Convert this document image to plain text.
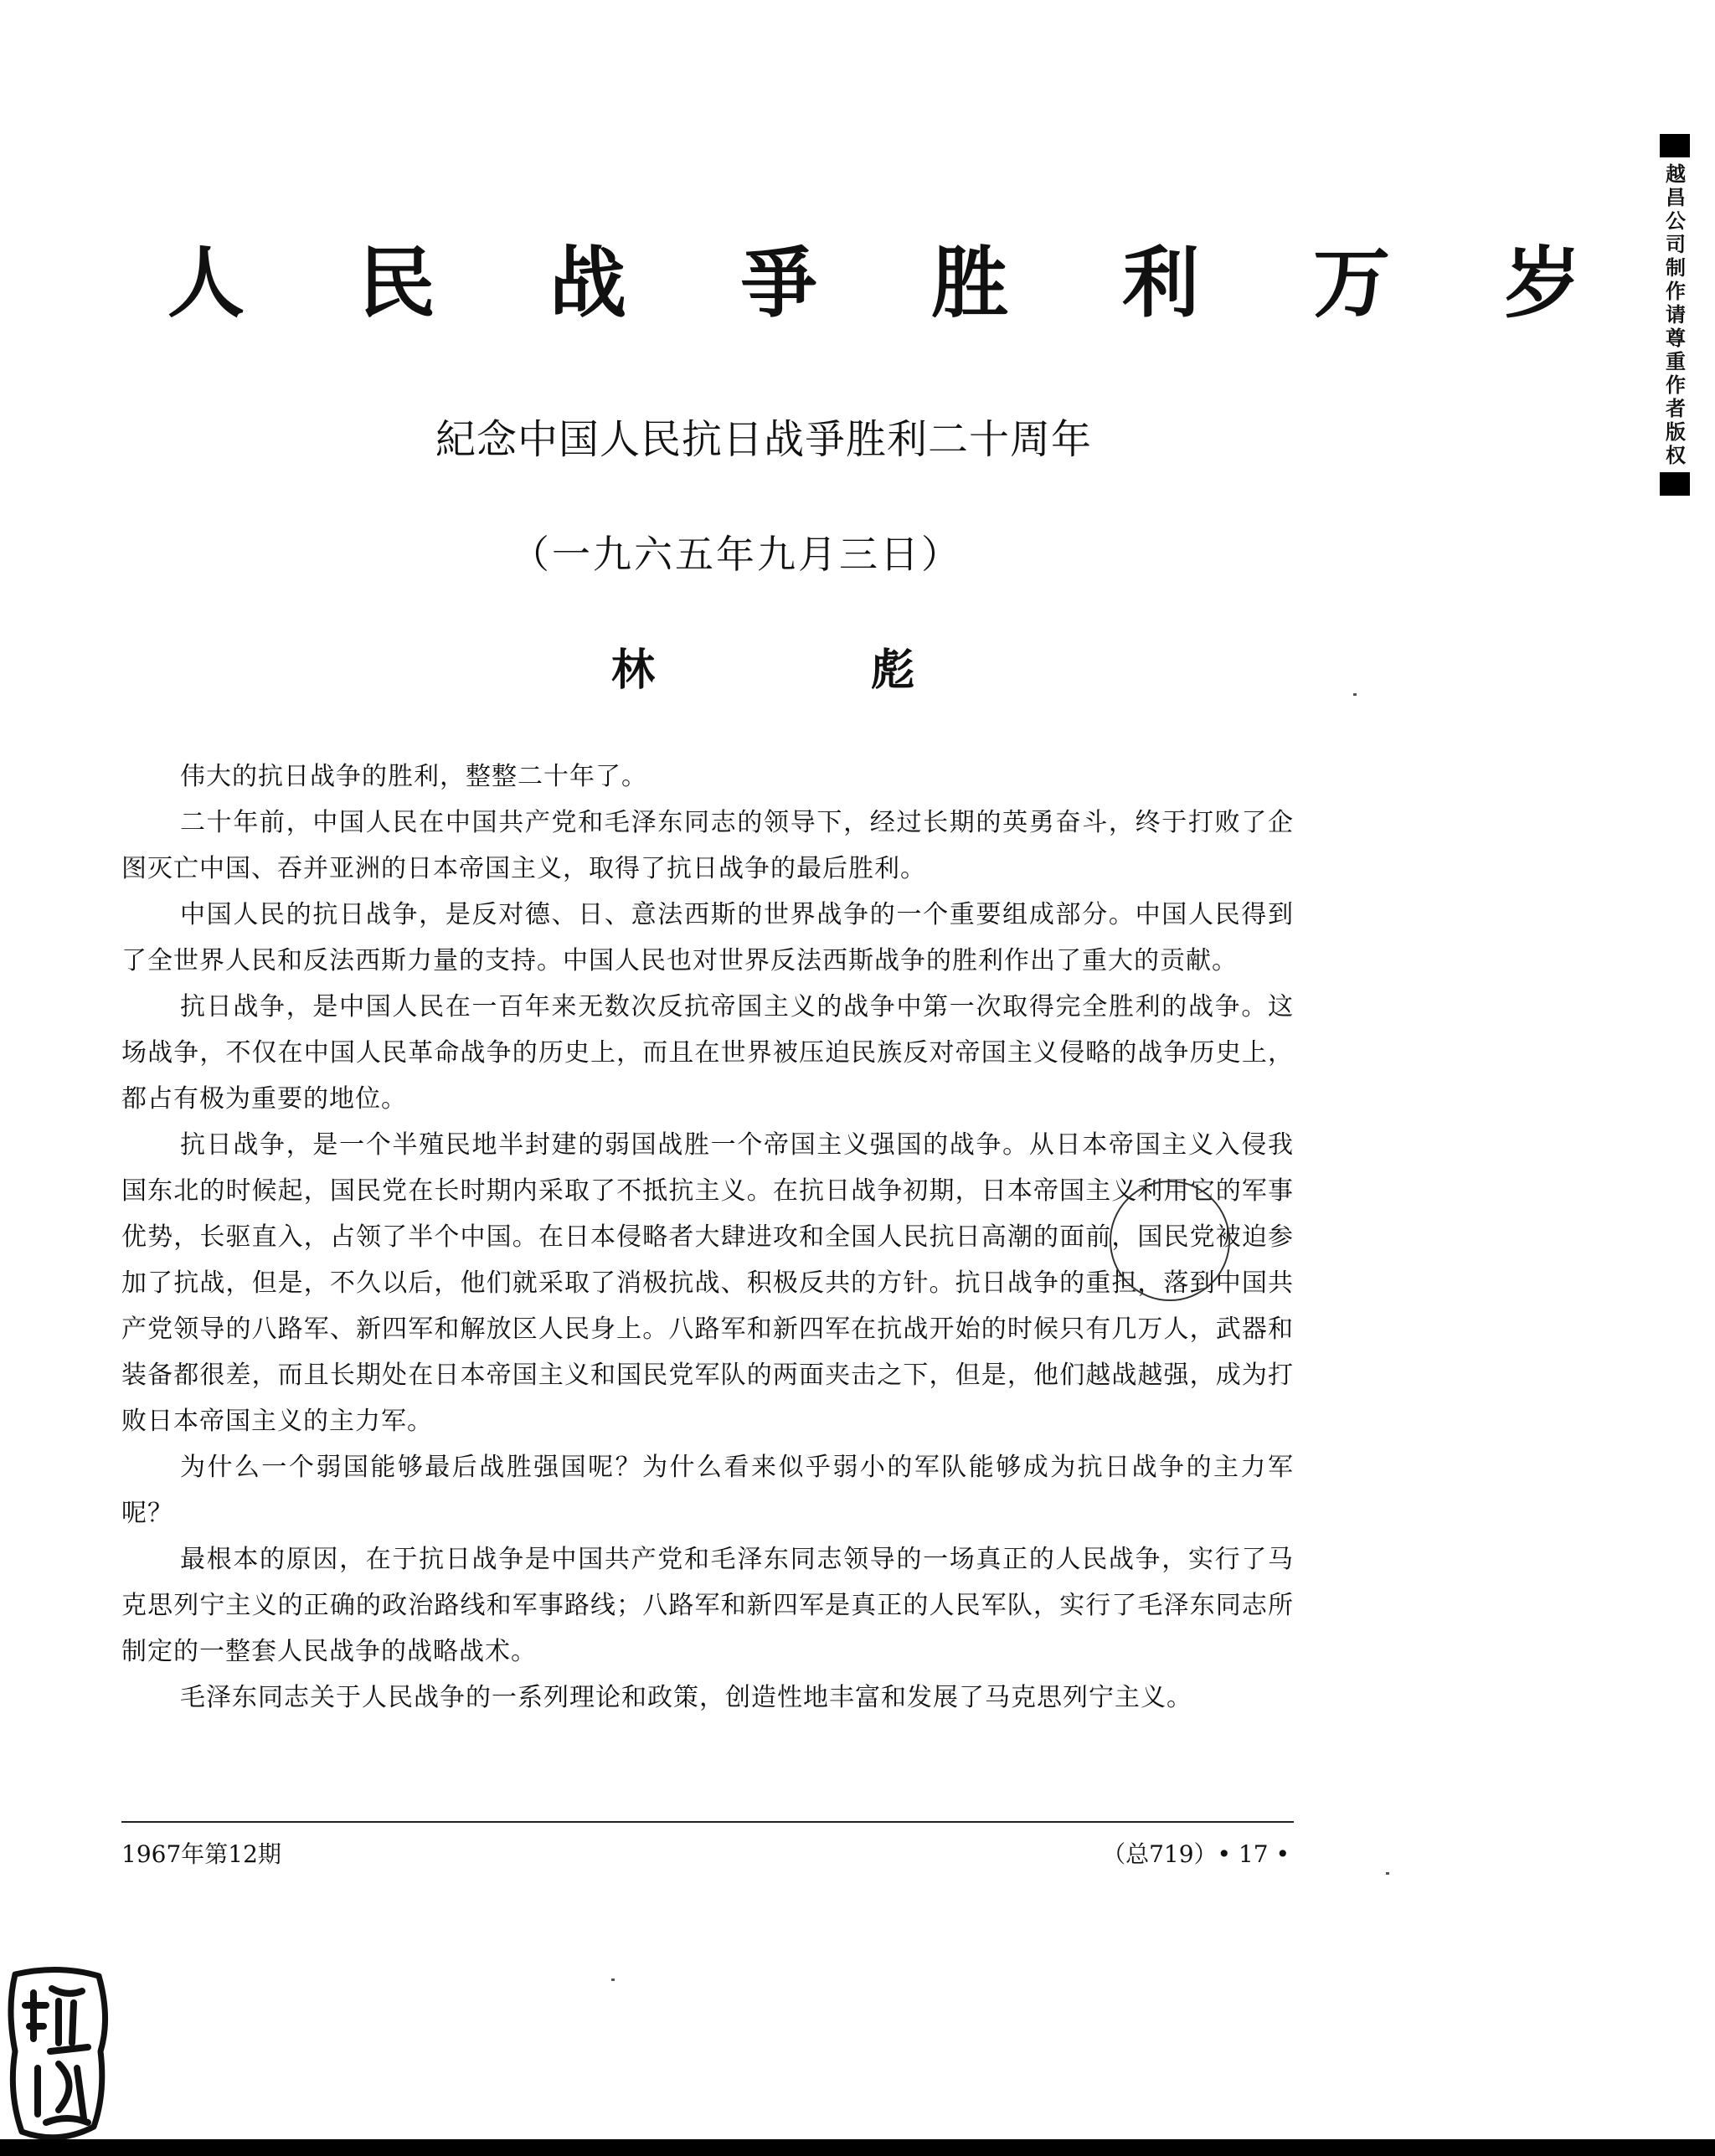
人 民 战 爭 胜 利 万 岁
紀念中国人民抗日战爭胜利二十周年
（一九六五年九月三日）
林 彪

伟大的抗日战争的胜利，整整二十年了。

二十年前，中国人民在中国共产党和毛泽东同志的领导下，经过长期的英勇奋斗，终于打败了企图灭亡中国、吞并亚洲的日本帝国主义，取得了抗日战争的最后胜利。

中国人民的抗日战争，是反对德、日、意法西斯的世界战争的一个重要组成部分。中国人民得到了全世界人民和反法西斯力量的支持。中国人民也对世界反法西斯战争的胜利作出了重大的贡献。

抗日战争，是中国人民在一百年来无数次反抗帝国主义的战争中第一次取得完全胜利的战争。这场战争，不仅在中国人民革命战争的历史上，而且在世界被压迫民族反对帝国主义侵略的战争历史上，都占有极为重要的地位。

抗日战争，是一个半殖民地半封建的弱国战胜一个帝国主义强国的战争。从日本帝国主义入侵我国东北的时候起，国民党在长时期内采取了不抵抗主义。在抗日战争初期，日本帝国主义利用它的军事优势，长驱直入，占领了半个中国。在日本侵略者大肆进攻和全国人民抗日高潮的面前，国民党被迫参加了抗战，但是，不久以后，他们就采取了消极抗战、积极反共的方针。抗日战争的重担，落到中国共产党领导的八路军、新四军和解放区人民身上。八路军和新四军在抗战开始的时候只有几万人，武器和装备都很差，而且长期处在日本帝国主义和国民党军队的两面夹击之下，但是，他们越战越强，成为打败日本帝国主义的主力军。

为什么一个弱国能够最后战胜强国呢？为什么看来似乎弱小的军队能够成为抗日战争的主力军呢？

最根本的原因，在于抗日战争是中国共产党和毛泽东同志领导的一场真正的人民战争，实行了马克思列宁主义的正确的政治路线和军事路线；八路军和新四军是真正的人民军队，实行了毛泽东同志所制定的一整套人民战争的战略战术。

毛泽东同志关于人民战争的一系列理论和政策，创造性地丰富和发展了马克思列宁主义。

1967年第12期	（总719）• 17 •
越昌公司制作 请尊重作者版权
